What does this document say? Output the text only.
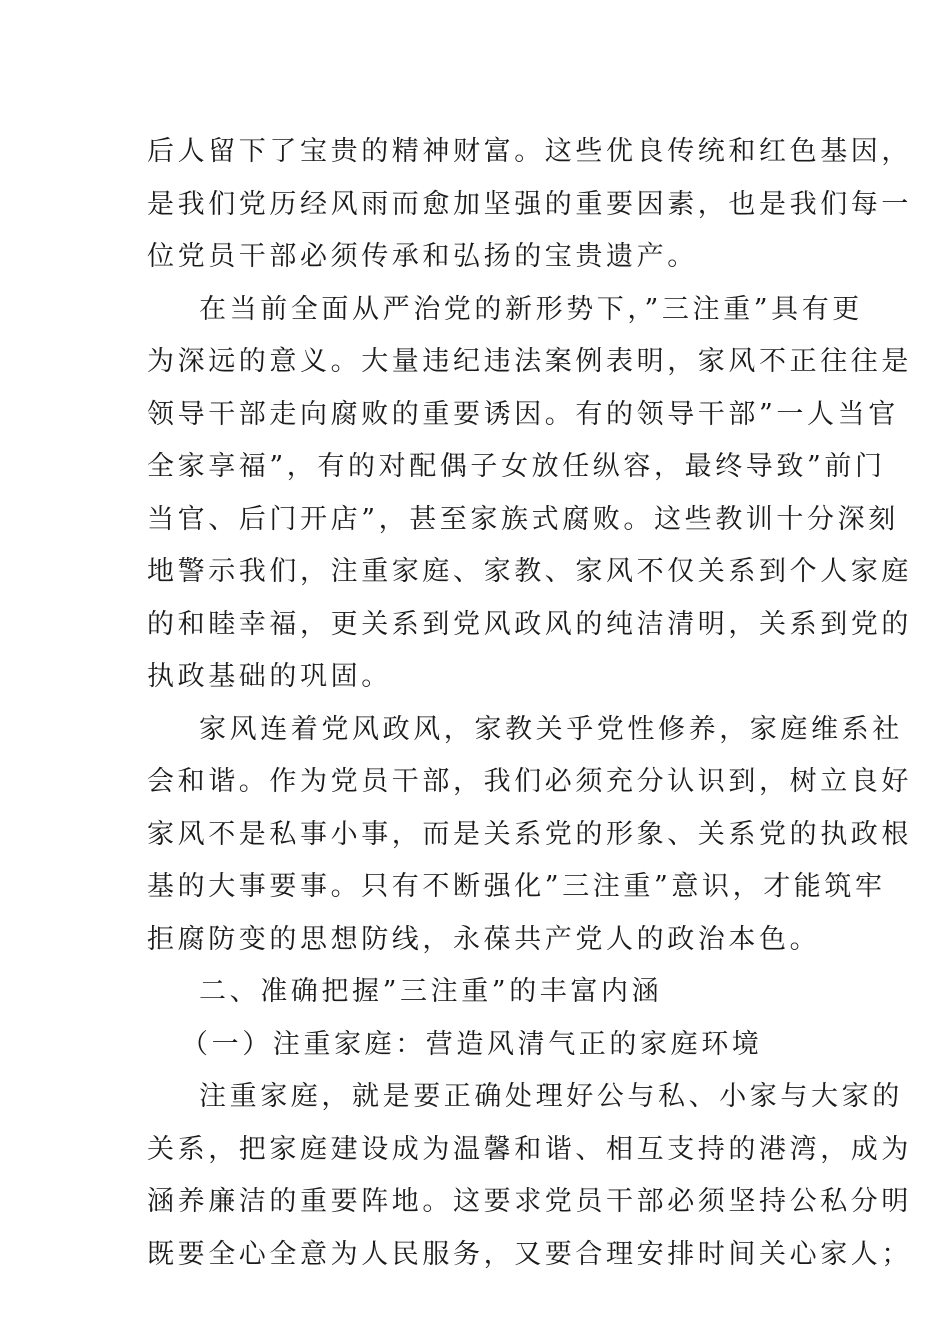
后人留下了宝贵的精神财富。这些优良传统和红色基因，
是我们党历经风雨而愈加坚强的重要因素，也是我们每一
位党员干部必须传承和弘扬的宝贵遗产。
在当前全面从严治党的新形势下，”三注重”具有更
为深远的意义。大量违纪违法案例表明，家风不正往往是
领导干部走向腐败的重要诱因。有的领导干部”一人当官
全家享福”，有的对配偶子女放任纵容，最终导致”前门
当官、后门开店”，甚至家族式腐败。这些教训十分深刻
地警示我们，注重家庭、家教、家风不仅关系到个人家庭
的和睦幸福，更关系到党风政风的纯洁清明，关系到党的
执政基础的巩固。
家风连着党风政风，家教关乎党性修养，家庭维系社
会和谐。作为党员干部，我们必须充分认识到，树立良好
家风不是私事小事，而是关系党的形象、关系党的执政根
基的大事要事。只有不断强化”三注重”意识，才能筑牢
拒腐防变的思想防线，永葆共产党人的政治本色。
二、准确把握”三注重”的丰富内涵
（一）注重家庭：营造风清气正的家庭环境
注重家庭，就是要正确处理好公与私、小家与大家的
关系，把家庭建设成为温馨和谐、相互支持的港湾，成为
涵养廉洁的重要阵地。这要求党员干部必须坚持公私分明
既要全心全意为人民服务，又要合理安排时间关心家人；
